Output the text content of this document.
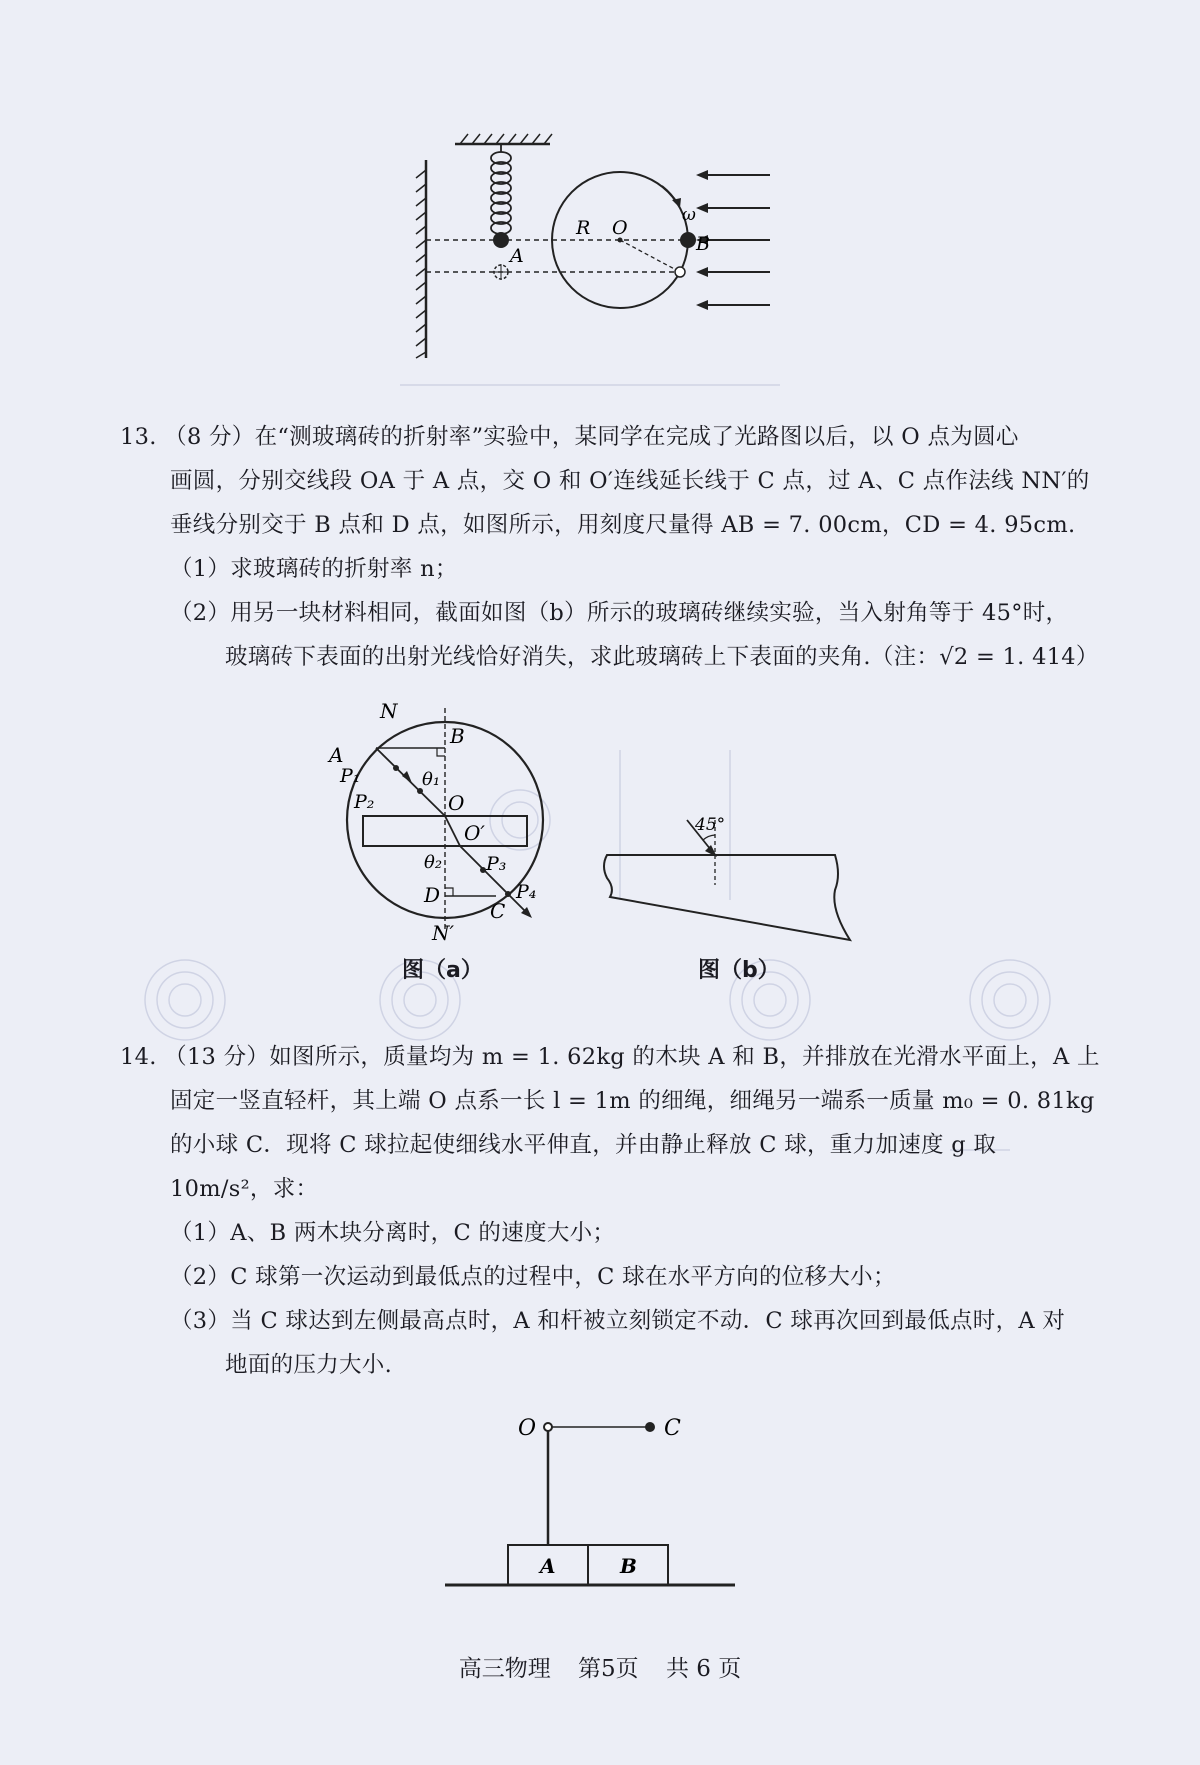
R O
A
B
ω
13. （8 分）在“测玻璃砖的折射率”实验中，某同学在完成了光路图以后，以 O 点为圆心
画圆，分别交线段 OA 于 A 点，交 O 和 O′连线延长线于 C 点，过 A、C 点作法线 NN′的
垂线分别交于 B 点和 D 点，如图所示，用刻度尺量得 AB = 7. 00cm，CD = 4. 95cm.
（1）求玻璃砖的折射率 n；
（2）用另一块材料相同，截面如图（b）所示的玻璃砖继续实验，当入射角等于 45°时，
玻璃砖下表面的出射光线恰好消失，求此玻璃砖上下表面的夹角.（注：√2 = 1. 414）
N
A
B
P₁	θ₁
P₂	O
O′
θ₂ P₃
P₄
D
C
N′
图（a）
45°
图（b）
14. （13 分）如图所示，质量均为 m = 1. 62kg 的木块 A 和 B，并排放在光滑水平面上，A 上
固定一竖直轻杆，其上端 O 点系一长 l = 1m 的细绳，细绳另一端系一质量 m₀ = 0. 81kg
的小球 C．现将 C 球拉起使细线水平伸直，并由静止释放 C 球，重力加速度 g 取
10m/s²，求：
（1）A、B 两木块分离时，C 的速度大小；
（2）C 球第一次运动到最低点的过程中，C 球在水平方向的位移大小；
（3）当 C 球达到左侧最高点时，A 和杆被立刻锁定不动．C 球再次回到最低点时，A 对
地面的压力大小.
O	C
A	B
高三物理 第5页 共 6 页
